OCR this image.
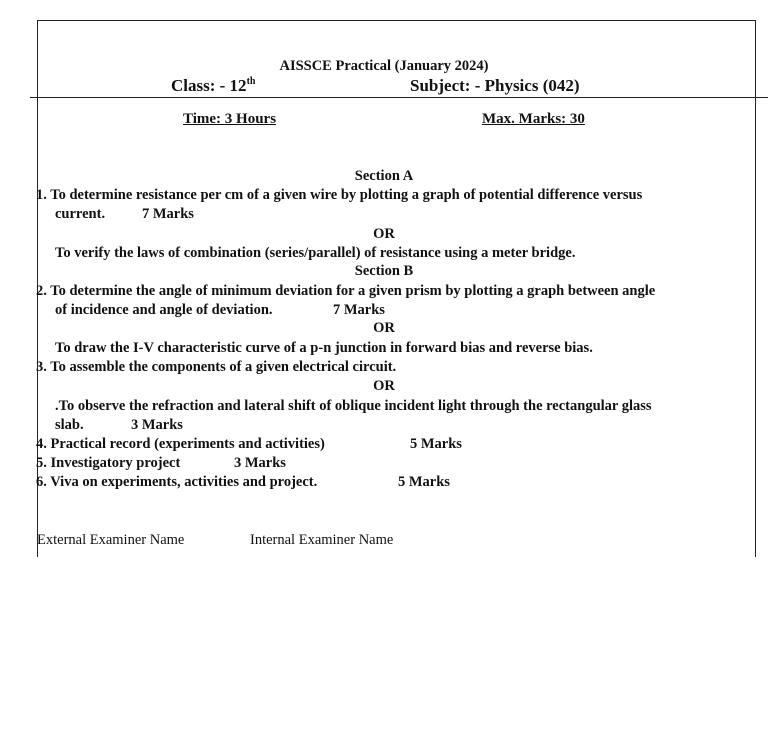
AISSCE Practical (January 2024)
Class: - 12th	Subject: - Physics (042)
Time: 3 Hours	Max. Marks: 30
Section A
1. To determine resistance per cm of a given wire by plotting a graph of potential difference versus
current.	7 Marks
OR
To verify the laws of combination (series/parallel) of resistance using a meter bridge.
Section B
2. To determine the angle of minimum deviation for a given prism by plotting a graph between angle
of incidence and angle of deviation.	7 Marks
OR
To draw the I-V characteristic curve of a p-n junction in forward bias and reverse bias.
3. To assemble the components of a given electrical circuit.
OR
.To observe the refraction and lateral shift of oblique incident light through the rectangular glass
slab.	3 Marks
4. Practical record (experiments and activities)	5 Marks
5. Investigatory project	3 Marks
6. Viva on experiments, activities and project.	5 Marks
External Examiner Name	Internal Examiner Name
